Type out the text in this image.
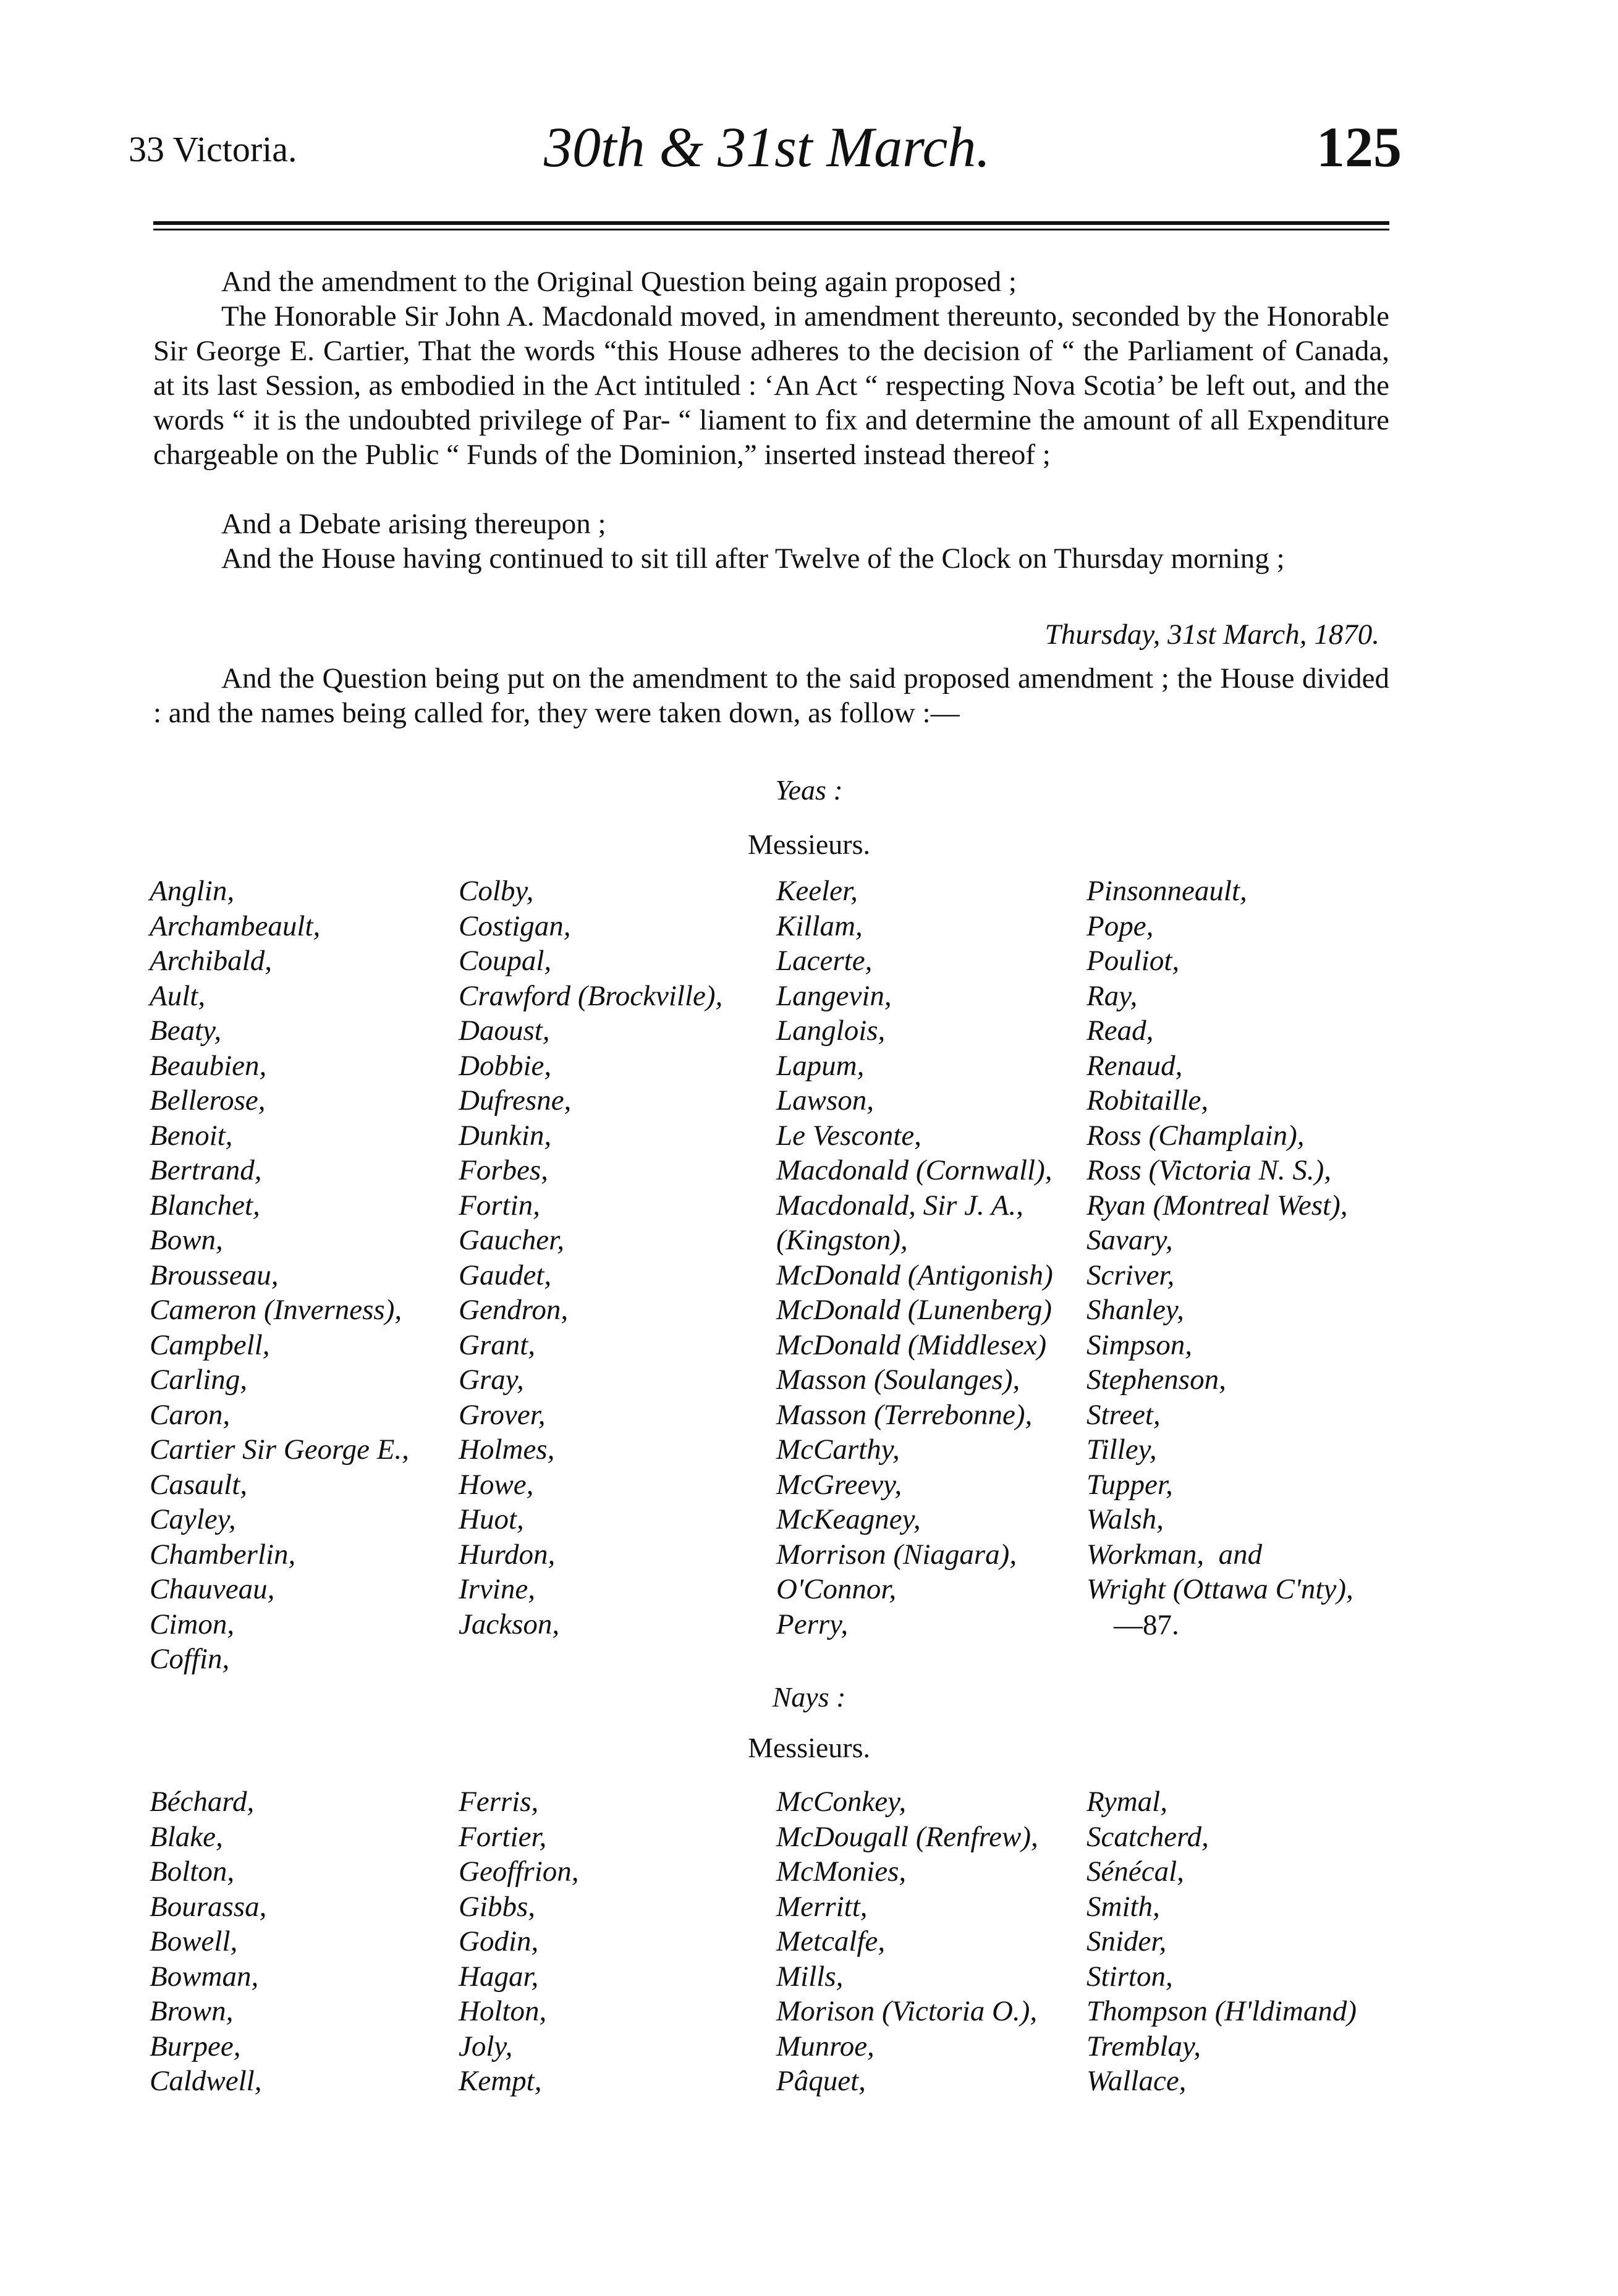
33 Victoria.	30th & 31st March.	125
And the amendment to the Original Question being again proposed ;
The Honorable Sir John A. Macdonald moved, in amendment thereunto, seconded by the Honorable Sir George E. Cartier, That the words “this House adheres to the decision of “ the Parliament of Canada, at its last Session, as embodied in the Act intituled : ‘An Act “ respecting Nova Scotia’ be left out, and the words “ it is the undoubted privilege of Par- “ liament to fix and determine the amount of all Expenditure chargeable on the Public “ Funds of the Dominion,” inserted instead thereof ;
And a Debate arising thereupon ;
And the House having continued to sit till after Twelve of the Clock on Thursday morning ;
Thursday, 31st March, 1870.
And the Question being put on the amendment to the said proposed amendment ; the House divided : and the names being called for, they were taken down, as follow :—
Yeas :
Messieurs.
Anglin,
Archambeault,
Archibald,
Ault,
Beaty,
Beaubien,
Bellerose,
Benoit,
Bertrand,
Blanchet,
Bown,
Brousseau,
Cameron (Inverness),
Campbell,
Carling,
Caron,
Cartier Sir George E.,
Casault,
Cayley,
Chamberlin,
Chauveau,
Cimon,
Coffin,
Colby,
Costigan,
Coupal,
Crawford (Brockville),
Daoust,
Dobbie,
Dufresne,
Dunkin,
Forbes,
Fortin,
Gaucher,
Gaudet,
Gendron,
Grant,
Gray,
Grover,
Holmes,
Howe,
Huot,
Hurdon,
Irvine,
Jackson,
Keeler,
Killam,
Lacerte,
Langevin,
Langlois,
Lapum,
Lawson,
Le Vesconte,
Macdonald (Cornwall),
Macdonald, Sir J. A.,
(Kingston),
McDonald (Antigonish)
McDonald (Lunenberg)
McDonald (Middlesex)
Masson (Soulanges),
Masson (Terrebonne),
McCarthy,
McGreevy,
McKeagney,
Morrison (Niagara),
O'Connor,
Perry,
Pinsonneault,
Pope,
Pouliot,
Ray,
Read,
Renaud,
Robitaille,
Ross (Champlain),
Ross (Victoria N. S.),
Ryan (Montreal West),
Savary,
Scriver,
Shanley,
Simpson,
Stephenson,
Street,
Tilley,
Tupper,
Walsh,
Workman,  and
Wright (Ottawa C'nty),
—87.
Nays :
Messieurs.
Béchard,
Blake,
Bolton,
Bourassa,
Bowell,
Bowman,
Brown,
Burpee,
Caldwell,
Ferris,
Fortier,
Geoffrion,
Gibbs,
Godin,
Hagar,
Holton,
Joly,
Kempt,
McConkey,
McDougall (Renfrew),
McMonies,
Merritt,
Metcalfe,
Mills,
Morison (Victoria O.),
Munroe,
Pâquet,
Rymal,
Scatcherd,
Sénécal,
Smith,
Snider,
Stirton,
Thompson (H'ldimand)
Tremblay,
Wallace,
